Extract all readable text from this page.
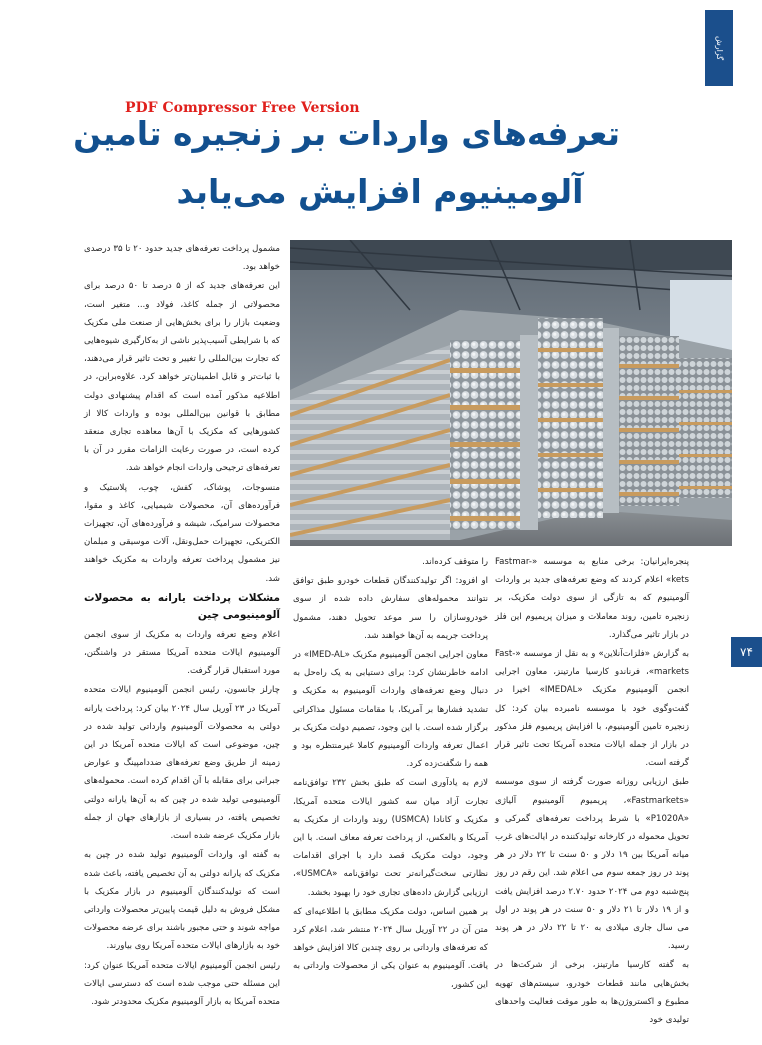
گزارش
تعرفه‌های واردات بر زنجیره تامین
آلومینیوم افزایش می‌یابد
PDF Compressor Free Version

مشمول پرداخت تعرفه‌های جدید حدود ۲۰ تا ۳۵ درصدی خواهد بود.

این تعرفه‌های جدید که از ۵ درصد تا ۵۰ درصد برای محصولاتی از جمله کاغذ، فولاد و... متغیر است، وضعیت بازار را برای بخش‌هایی از صنعت ملی مکزیک که با شرایطی آسیب‌پذیر ناشی از به‌کارگیری شیوه‌هایی که تجارت بین‌المللی را تغییر و تحت تاثیر قرار می‌دهند، با ثبات‌تر و قابل اطمینان‌تر خواهد کرد. علاوه‌براین، در اطلاعیه مذکور آمده است که اقدام پیشنهادی دولت مطابق با قوانین بین‌المللی بوده و واردات کالا از کشورهایی که مکزیک با آن‌ها معاهده تجاری منعقد کرده است، در صورت رعایت الزامات مقرر در آن با تعرفه‌های ترجیحی واردات انجام خواهد شد.

منسوجات، پوشاک، کفش، چوب، پلاستیک و فرآورده‌های آن، محصولات شیمیایی، کاغذ و مقوا، محصولات سرامیک، شیشه و فرآورده‌های آن، تجهیزات الکتریکی، تجهیزات حمل‌ونقل، آلات موسیقی و مبلمان نیز مشمول پرداخت تعرفه واردات به مکزیک خواهند شد.

مشکلات پرداخت یارانه به محصولات آلومینیومی چین

اعلام وضع تعرفه واردات به مکزیک از سوی انجمن آلومینیوم ایالات متحده آمریکا مستقر در واشنگتن، مورد استقبال قرار گرفت.

چارلز جانسون، رئیس انجمن آلومینیوم ایالات متحده آمریکا در ۲۳ آوریل سال ۲۰۲۴ بیان کرد: پرداخت یارانه دولتی به محصولات آلومینیوم وارداتی تولید شده در چین، موضوعی است که ایالات متحده آمریکا در این زمینه از طریق وضع تعرفه‌های ضددامپینگ و عوارض جبرانی برای مقابله با آن اقدام کرده است. محموله‌های آلومینیومی تولید شده در چین که به آن‌ها یارانه دولتی تخصیص یافته، در بسیاری از بازارهای جهان از جمله بازار مکزیک عرضه شده است.

به گفته او، واردات آلومینیوم تولید شده در چین به مکزیک که یارانه دولتی به آن تخصیص یافته، باعث شده است که تولیدکنندگان آلومینیوم در بازار مکزیک با مشکل فروش به دلیل قیمت پایین‌تر محصولات وارداتی مواجه شوند و حتی مجبور باشند برای عرضه محصولات خود به بازارهای ایالات متحده آمریکا روی بیاورند.

رئیس انجمن آلومینیوم ایالات متحده آمریکا عنوان کرد: این مسئله حتی موجب شده است که دسترسی ایالات متحده آمریکا به بازار آلومینیوم مکزیک محدودتر شود.

را متوقف کرده‌اند.

او افزود: اگر تولیدکنندگان قطعات خودرو طبق توافق نتوانند محموله‌های سفارش داده شده از سوی خودروسازان را سر موعد تحویل دهند، مشمول پرداخت جریمه به آن‌ها خواهند شد.

معاون اجرایی انجمن آلومینیوم مکزیک «IMED-AL» در ادامه خاطرنشان کرد: برای دستیابی به یک راه‌حل به دنبال وضع تعرفه‌های واردات آلومینیوم به مکزیک و تشدید فشارها بر آمریکا، با مقامات مسئول مذاکراتی برگزار شده است. با این وجود، تصمیم دولت مکزیک بر اعمال تعرفه واردات آلومینیوم کاملا غیرمنتظره بود و همه را شگفت‌زده کرد.

لازم به یادآوری است که طبق بخش ۲۳۲ توافق‌نامه تجارت آزاد میان سه کشور ایالات متحده آمریکا، مکزیک و کانادا (USMCA) روند واردات از مکزیک به آمریکا و بالعکس، از پرداخت تعرفه معاف است. با این وجود، دولت مکزیک قصد دارد با اجرای اقدامات نظارتی سخت‌گیرانه‌تر تحت توافق‌نامه «USMCA»، ارزیابی گزارش داده‌های تجاری خود را بهبود بخشد.

بر همین اساس، دولت مکزیک مطابق با اطلاعیه‌ای که متن آن در ۲۲ آوریل سال ۲۰۲۴ منتشر شد، اعلام کرد که تعرفه‌های وارداتی بر روی چندین کالا افزایش خواهد یافت. آلومینیوم به عنوان یکی از محصولات وارداتی به این کشور،

پنجره‌ایرانیان: برخی منابع به موسسه «Fastmar-kets» اعلام کردند که وضع تعرفه‌های جدید بر واردات آلومینیوم که به تازگی از سوی دولت مکزیک، بر زنجیره تامین، روند معاملات و میزان پریمیوم این فلز در بازار تاثیر می‌گذارد.

به گزارش «فلزات‌آنلاین» و به نقل از موسسه «Fast-markets»، فرناندو کارسیا مارتینز، معاون اجرایی انجمن آلومینیوم مکزیک «IMEDAL» اخیرا در گفت‌وگوی خود با موسسه نامبرده بیان کرد: کل زنجیره تامین آلومینیوم، با افزایش پریمیوم فلز مذکور در بازار از جمله ایالات متحده آمریکا تحت تاثیر قرار گرفته است.

طبق ارزیابی روزانه صورت گرفته از سوی موسسه «Fastmarkets»، پریمیوم آلومینیوم آلیاژی «P1020A» با شرط پرداخت تعرفه‌های گمرکی و تحویل محموله در کارخانه تولیدکننده در ایالت‌های غرب میانه آمریکا بین ۱۹ دلار و ۵۰ سنت تا ۲۲ دلار در هر پوند در روز جمعه سوم می اعلام شد. این رقم در روز پنج‌شنبه دوم می ۲۰۲۴ حدود ۲.۷۰ درصد افزایش یافت و از ۱۹ دلار تا ۲۱ دلار و ۵۰ سنت در هر پوند در اول می سال جاری میلادی به ۲۰ تا ۲۲ دلار در هر پوند رسید.

به گفته کارسیا مارتینز، برخی از شرکت‌ها در بخش‌هایی مانند قطعات خودرو، سیستم‌های تهویه مطبوع و اکستروژن‌ها به طور موقت فعالیت واحدهای تولیدی خود

۷۴
